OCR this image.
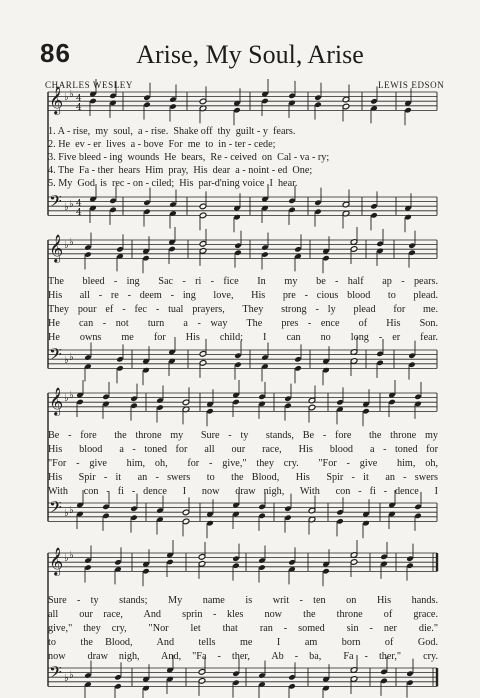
86	Arise, My Soul, Arise
CHARLES WESLEY	LEWIS EDSON
𝄞 ♭ ♭ 4
4
𝄢 ♭ ♭ 4
4
𝄞 ♭ ♭
𝄢 ♭ ♭
𝄞 ♭ ♭
𝄢 ♭ ♭
𝄞 ♭ ♭
𝄢 ♭ ♭
1. A - rise,  my  soul,  a - rise.  Shake off  thy  guilt - y  fears.
2. He  ev - er  lives  a - bove  For  me  to  in - ter - cede;
3. Five bleed - ing  wounds  He  bears,  Re - ceived  on  Cal - va - ry;
4. The  Fa - ther  hears  Him  pray,  His  dear  a - noint - ed  One;
5. My  God  is  rec - on - ciled;  His  par-d'ning voice  I  hear.
The  bleed - ing  Sac - ri - fice  In  my  be - half  ap - pears.
His  all - re - deem - ing  love,  His  pre - cious blood  to  plead.
They pour ef - fec - tual prayers,  They  strong - ly  plead  for  me.
He  can - not  turn  a - way  The  pres - ence  of  His  Son.
He  owns  me  for  His  child;  I  can  no  long - er  fear.
Be - fore  the throne my  Sure - ty  stands, Be - fore  the throne my
His  blood  a - toned for  all  our  race,  His  blood  a - toned for
"For - give  him, oh,  for - give," they cry.  "For - give  him, oh,
His  Spir - it  an - swers  to  the Blood,  His  Spir - it  an - swers
With  con - fi - dence  I  now  draw nigh,  With  con - fi - dence  I
Sure - ty  stands;  My  name  is  writ - ten  on  His  hands.
all  our race,  And  sprin - kles  now  the  throne  of  grace.
give," they cry,  "Nor  let  that  ran - somed  sin - ner  die."
to  the Blood,  And  tells  me  I  am  born  of  God.
now  draw nigh,  And, "Fa - ther,  Ab - ba,  Fa - ther,"  cry.
